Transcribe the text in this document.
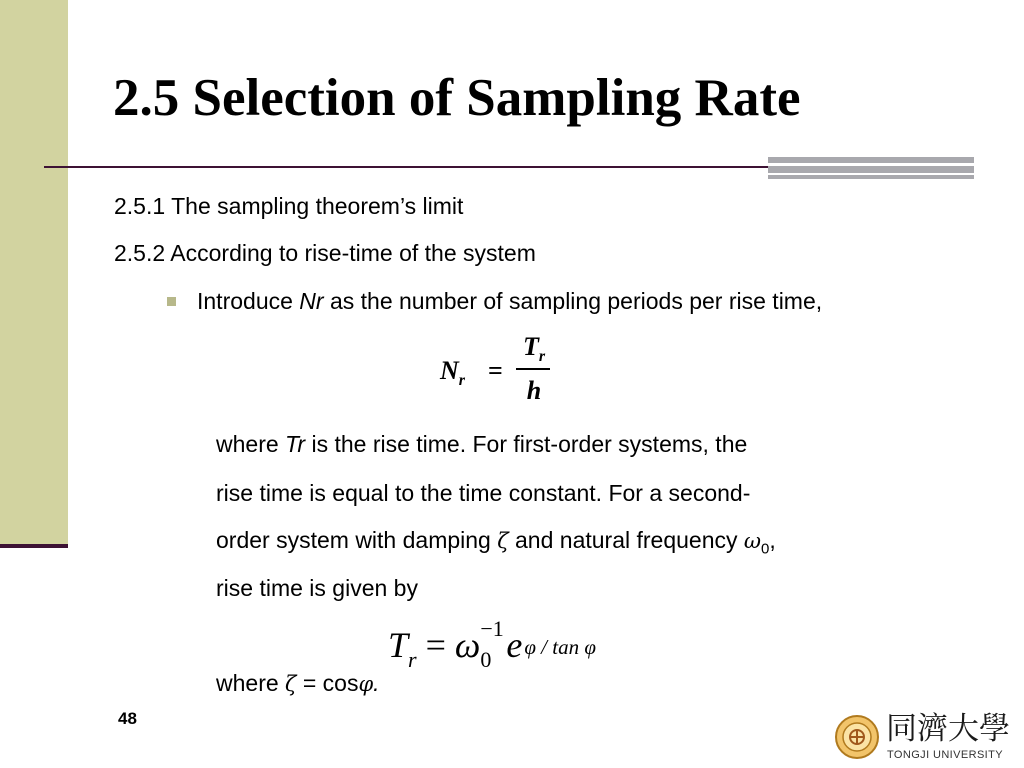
2.5 Selection of Sampling Rate
2.5.1 The sampling theorem’s limit
2.5.2 According to rise-time of the system
Introduce Nr as the number of sampling periods per rise time,
$N_r$ =
$T_r$
h
where Tr is the rise time. For first-order systems, the
rise time is equal to the time constant. For a second-
order system with damping ζ and natural frequency $\omega_0$,
rise time is given by
$T_r = \omega_0$
−1 e φ / tan φ
where ζ = cosφ.
48	同濟大學
TONGJI UNIVERSITY
